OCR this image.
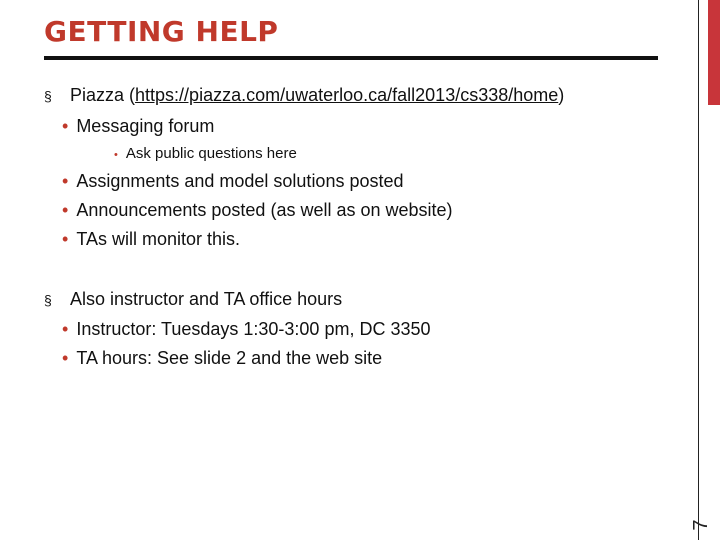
GETTING HELP
7
§ Piazza (https://piazza.com/uwaterloo.ca/fall2013/cs338/home)
• Messaging forum
• Ask public questions here
• Assignments and model solutions posted
• Announcements posted (as well as on website)
• TAs will monitor this.
§ Also instructor and TA office hours
• Instructor: Tuesdays 1:30-3:00 pm, DC 3350
• TA hours: See slide 2 and the web site
